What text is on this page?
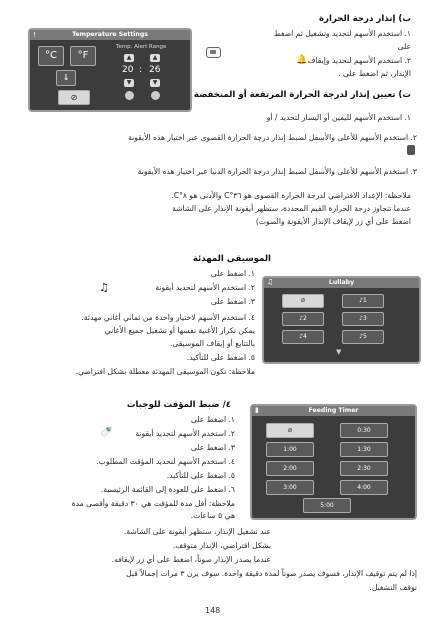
Temperature Settings
!
°C	°F
Temp. Alert Range
▲	▲
20 : 26
▼	▼
🌡
⊘
ب) إنذار درجة الحرارة
١. استخدم الأسهم لتحديد وتشغيل ثم اضغط
على
٢. استخدم الأسهم لتحديد وإيقاف
🔔
الإنذار، ثم اضغط على .
ت) تعيين إنذار لدرجة الحرارة المرتفعة أو المنخفضة
١. استخدم الأسهم لليمين أو اليسار لتحديد / أو
٢. استخدم الأسهم للأعلى والأسفل لضبط إنذار درجة الحرارة القصوى عبر اختيار هذه الأيقونة
٣. استخدم الأسهم للأعلى والأسفل لضبط إنذار درجة الحرارة الدنيا عبر اختيار هذه الأيقونة
ملاحظة: الإعداد الافتراضي لدرجة الحرارة القصوى هو ٣٦°C والأدنى هو ٨°C.
عندما تتجاوز درجة الحرارة القيم المحددة، ستظهر أيقونة الإنذار على الشاشة
اضغط على أي زر لإيقاف الإنذار الأيقونة والصوت)
الموسيقى المهدئة
١. اضغط على
٢. استخدم الأسهم لتحديد أيقونة
♫
٣. اضغط على
٤. استخدم الأسهم لاختيار واحدة من ثماني أغاني مهدئة.
يمكن تكرار الأغنية نفسها أو تشغيل جميع الأغاني
بالتتابع أو إيقاف الموسيقى.
٥. اضغط على للتأكيد.
ملاحظة: تكون الموسيقى المهدئة معطلة بشكل افتراضي.
Lullaby
♫
⊘	♪1
♪2	♪3
♪4	♪5
▼
٤/ ضبط المؤقت للوجبات
١. اضغط على
٢. استخدم الأسهم لتحديد أيقونة
🍼
٣. اضغط على
٤. استخدم الأسهم لتحديد المؤقت المطلوب.
٥. اضغط على للتأكيد.
٦. اضغط على للعودة إلى القائمة الرئيسية.
ملاحظة: أقل مدة للمؤقت هي ٣٠ دقيقة وأقصى مدة
هي ٥ ساعات.
Feeding Timer
▮
⊘	0:30
1:00	1:30
2:00	2:30
3:00	4:00
5:00
عند تشغيل الإنذار، ستظهر أيقونة على الشاشة.
بشكل افتراضي، الإنذار متوقف.
عندما يصدر الإنذار صوتاً، اضغط على أي زر لإيقافه.
إذا لم يتم توقيف الإنذار، فسوف يصدر صوتاً لمدة دقيقة واحدة. سوف يرن ٣ مرات إجمالاً قبل
توقف التشغيل.
148
